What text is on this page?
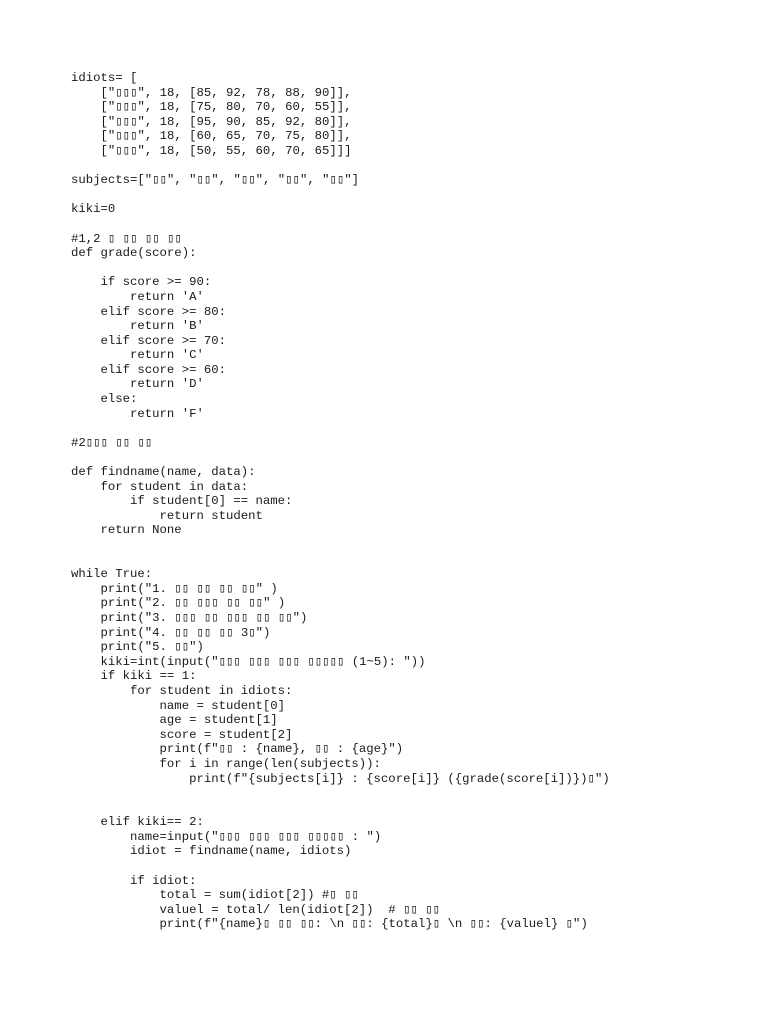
idiots= [
["▯▯▯", 18, [85, 92, 78, 88, 90]],
["▯▯▯", 18, [75, 80, 70, 60, 55]],
["▯▯▯", 18, [95, 90, 85, 92, 80]],
["▯▯▯", 18, [60, 65, 70, 75, 80]],
["▯▯▯", 18, [50, 55, 60, 70, 65]]]
subjects=["▯▯", "▯▯", "▯▯", "▯▯", "▯▯"]
kiki=0
#1,2 ▯ ▯▯ ▯▯ ▯▯
def grade(score):
if score >= 90:
return 'A'
elif score >= 80:
return 'B'
elif score >= 70:
return 'C'
elif score >= 60:
return 'D'
else:
return 'F'
#2▯▯▯ ▯▯ ▯▯
def findname(name, data):
for student in data:
if student[0] == name:
return student
return None
while True:
print("1. ▯▯ ▯▯ ▯▯ ▯▯" )
print("2. ▯▯ ▯▯▯ ▯▯ ▯▯" )
print("3. ▯▯▯ ▯▯ ▯▯▯ ▯▯ ▯▯")
print("4. ▯▯ ▯▯ ▯▯ 3▯")
print("5. ▯▯")
kiki=int(input("▯▯▯ ▯▯▯ ▯▯▯ ▯▯▯▯▯ (1~5): "))
if kiki == 1:
for student in idiots:
name = student[0]
age = student[1]
score = student[2]
print(f"▯▯ : {name}, ▯▯ : {age}")
for i in range(len(subjects)):
print(f"{subjects[i]} : {score[i]} ({grade(score[i])})▯")
elif kiki== 2:
name=input("▯▯▯ ▯▯▯ ▯▯▯ ▯▯▯▯▯ : ")
idiot = findname(name, idiots)
if idiot:
total = sum(idiot[2]) #▯ ▯▯
valuel = total/ len(idiot[2])  # ▯▯ ▯▯
print(f"{name}▯ ▯▯ ▯▯: \n ▯▯: {total}▯ \n ▯▯: {valuel} ▯")
